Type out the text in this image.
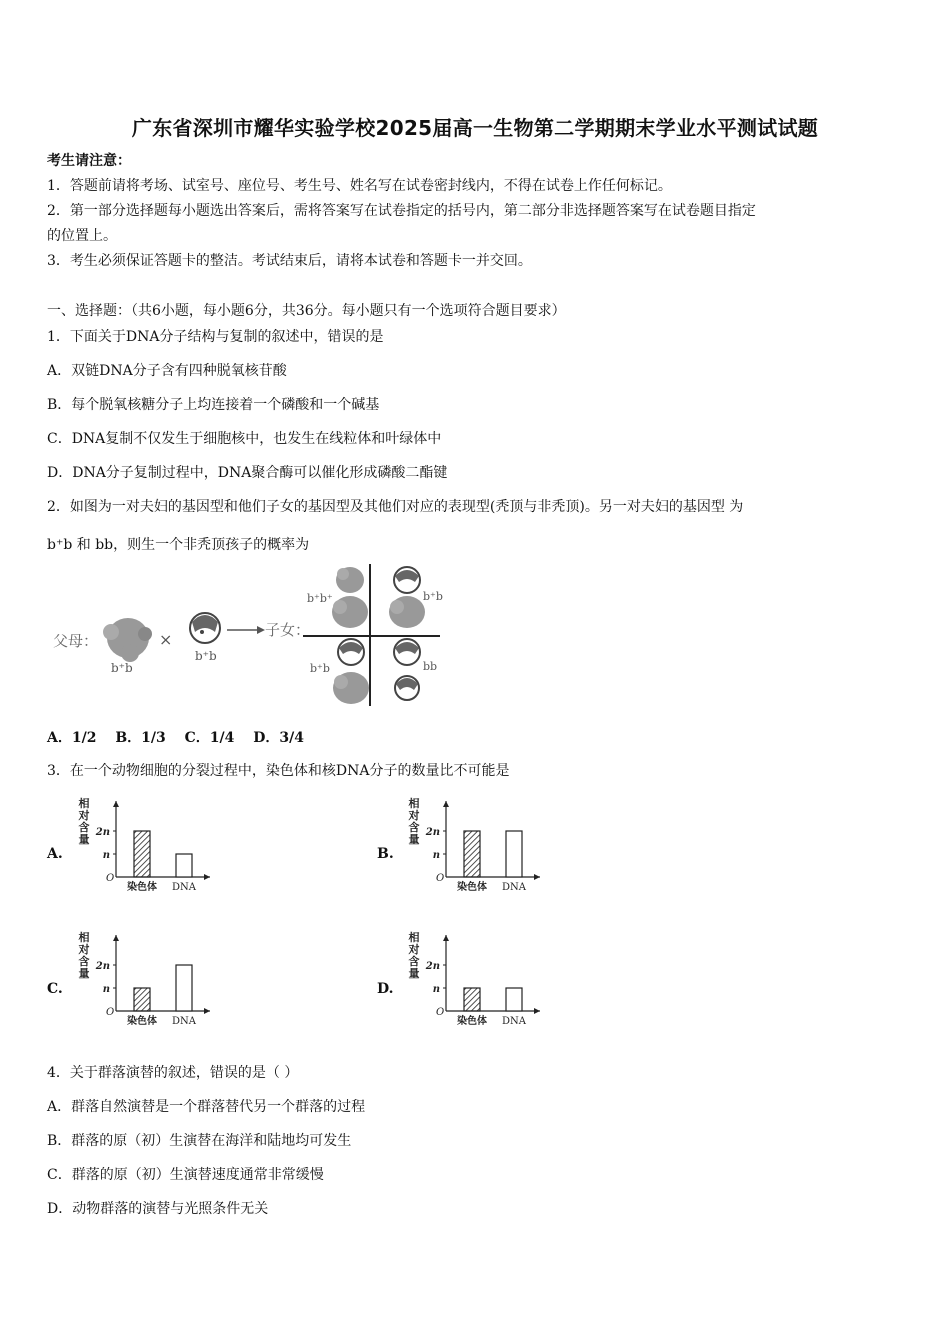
广东省深圳市耀华实验学校2025届高一生物第二学期期末学业水平测试试题
考生请注意：
1．答题前请将考场、试室号、座位号、考生号、姓名写在试卷密封线内，不得在试卷上作任何标记。
2．第一部分选择题每小题选出答案后，需将答案写在试卷指定的括号内，第二部分非选择题答案写在试卷题目指定
的位置上。
3．考生必须保证答题卡的整洁。考试结束后，请将本试卷和答题卡一并交回。
一、选择题：（共6小题，每小题6分，共36分。每小题只有一个选项符合题目要求）
1．下面关于DNA分子结构与复制的叙述中，错误的是
A．双链DNA分子含有四种脱氧核苷酸
B．每个脱氧核糖分子上均连接着一个磷酸和一个碱基
C．DNA复制不仅发生于细胞核中，也发生在线粒体和叶绿体中
D．DNA分子复制过程中，DNA聚合酶可以催化形成磷酸二酯键
2．如图为一对夫妇的基因型和他们子女的基因型及其他们对应的表现型(秃顶与非秃顶)。另一对夫妇的基因型 为
b⁺b 和 bb，则生一个非秃顶孩子的概率为
父母：
b⁺b
×
b⁺b
子女：
b⁺b⁺	b⁺b
b⁺b	bb
A．1/2 B．1/3 C．1/4 D．3/4
3．在一个动物细胞的分裂过程中，染色体和核DNA分子的数量比不可能是
A.	B.
C.	D.
相
对
含
量
O
2n
n
染色体 DNA
相
对
含
量
O
2n
n
染色体 DNA
相
对
含
量
O
2n
n
染色体 DNA
相
对
含
量
O
2n
n
染色体 DNA
4．关于群落演替的叙述，错误的是（ ）
A．群落自然演替是一个群落替代另一个群落的过程
B．群落的原（初）生演替在海洋和陆地均可发生
C．群落的原（初）生演替速度通常非常缓慢
D．动物群落的演替与光照条件无关
